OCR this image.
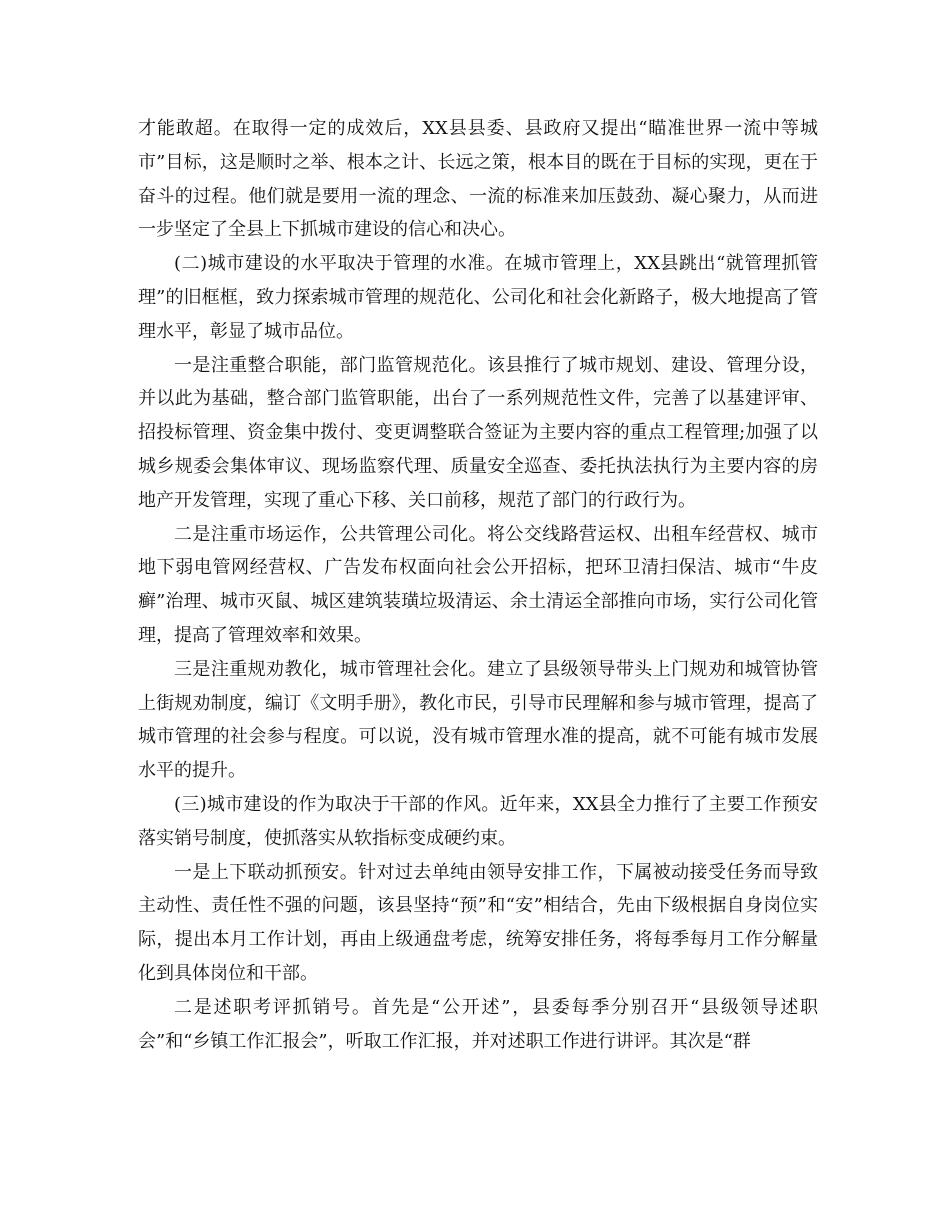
才能敢超。在取得一定的成效后，XX县县委、县政府又提出“瞄准世界一流中等城市”目标，这是顺时之举、根本之计、长远之策，根本目的既在于目标的实现，更在于奋斗的过程。他们就是要用一流的理念、一流的标准来加压鼓劲、凝心聚力，从而进一步坚定了全县上下抓城市建设的信心和决心。

(二)城市建设的水平取决于管理的水准。在城市管理上，XX县跳出“就管理抓管理”的旧框框，致力探索城市管理的规范化、公司化和社会化新路子，极大地提高了管理水平，彰显了城市品位。

一是注重整合职能，部门监管规范化。该县推行了城市规划、建设、管理分设，并以此为基础，整合部门监管职能，出台了一系列规范性文件，完善了以基建评审、招投标管理、资金集中拨付、变更调整联合签证为主要内容的重点工程管理;加强了以城乡规委会集体审议、现场监察代理、质量安全巡查、委托执法执行为主要内容的房地产开发管理，实现了重心下移、关口前移，规范了部门的行政行为。

二是注重市场运作，公共管理公司化。将公交线路营运权、出租车经营权、城市地下弱电管网经营权、广告发布权面向社会公开招标，把环卫清扫保洁、城市“牛皮癣”治理、城市灭鼠、城区建筑装璜垃圾清运、余土清运全部推向市场，实行公司化管理，提高了管理效率和效果。

三是注重规劝教化，城市管理社会化。建立了县级领导带头上门规劝和城管协管上街规劝制度，编订《文明手册》，教化市民，引导市民理解和参与城市管理，提高了城市管理的社会参与程度。可以说，没有城市管理水准的提高，就不可能有城市发展水平的提升。

(三)城市建设的作为取决于干部的作风。近年来，XX县全力推行了主要工作预安落实销号制度，使抓落实从软指标变成硬约束。

一是上下联动抓预安。针对过去单纯由领导安排工作，下属被动接受任务而导致主动性、责任性不强的问题，该县坚持“预”和“安”相结合，先由下级根据自身岗位实际，提出本月工作计划，再由上级通盘考虑，统筹安排任务，将每季每月工作分解量化到具体岗位和干部。

二是述职考评抓销号。首先是“公开述”，县委每季分别召开“县级领导述职会”和“乡镇工作汇报会”，听取工作汇报，并对述职工作进行讲评。其次是“群
